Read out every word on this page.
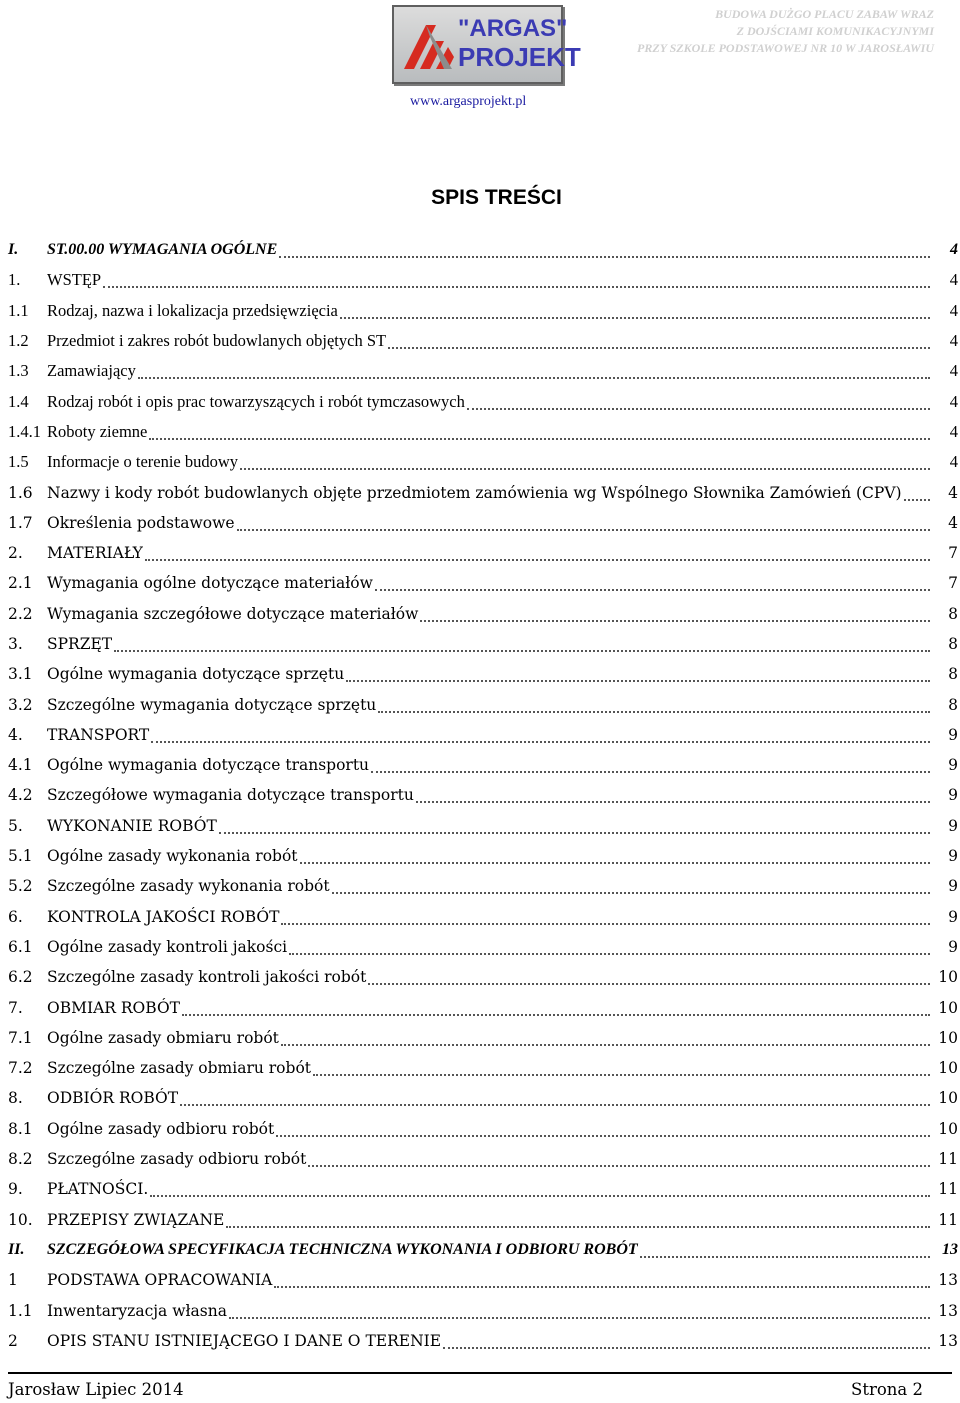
"ARGAS"
PROJEKT
www.argasprojekt.pl
BUDOWA DUŻGO PLACU ZABAW WRAZ
Z DOJŚCIAMI KOMUNIKACYJNYMI
PRZY SZKOLE PODSTAWOWEJ NR 10 W JAROSŁAWIU
SPIS TREŚCI
I.	ST.00.00 WYMAGANIA OGÓLNE	4
1.	WSTĘP	4
1.1	Rodzaj, nazwa i lokalizacja przedsięwzięcia	4
1.2	Przedmiot i zakres robót budowlanych objętych ST	4
1.3	Zamawiający	4
1.4	Rodzaj robót i opis prac towarzyszących i robót tymczasowych	4
1.4.1 Roboty ziemne	4
1.5	Informacje o terenie budowy	4
1.6 Nazwy i kody robót budowlanych objęte przedmiotem zamówienia wg Wspólnego Słownika Zamówień (CPV)	4
1.7 Określenia podstawowe	4
2.	MATERIAŁY	7
2.1 Wymagania ogólne dotyczące materiałów	7
2.2 Wymagania szczegółowe dotyczące materiałów	8
3.	SPRZĘT	8
3.1 Ogólne wymagania dotyczące sprzętu	8
3.2 Szczególne wymagania dotyczące sprzętu	8
4.	TRANSPORT	9
4.1 Ogólne wymagania dotyczące transportu	9
4.2 Szczegółowe wymagania dotyczące transportu	9
5.	WYKONANIE ROBÓT	9
5.1 Ogólne zasady wykonania robót	9
5.2 Szczególne zasady wykonania robót	9
6.	KONTROLA JAKOŚCI ROBÓT	9
6.1 Ogólne zasady kontroli jakości	9
6.2 Szczególne zasady kontroli jakości robót	10
7.	OBMIAR ROBÓT	10
7.1 Ogólne zasady obmiaru robót	10
7.2 Szczególne zasady obmiaru robót	10
8.	ODBIÓR ROBÓT	10
8.1 Ogólne zasady odbioru robót	10
8.2 Szczególne zasady odbioru robót	11
9.	PŁATNOŚCI.	11
10. PRZEPISY ZWIĄZANE	11
II.	SZCZEGÓŁOWA SPECYFIKACJA TECHNICZNA WYKONANIA I ODBIORU ROBÓT	13
1	PODSTAWA OPRACOWANIA	13
1.1 Inwentaryzacja własna	13
2	OPIS STANU ISTNIEJĄCEGO I DANE O TERENIE	13
Jarosław Lipiec 2014	Strona 2
